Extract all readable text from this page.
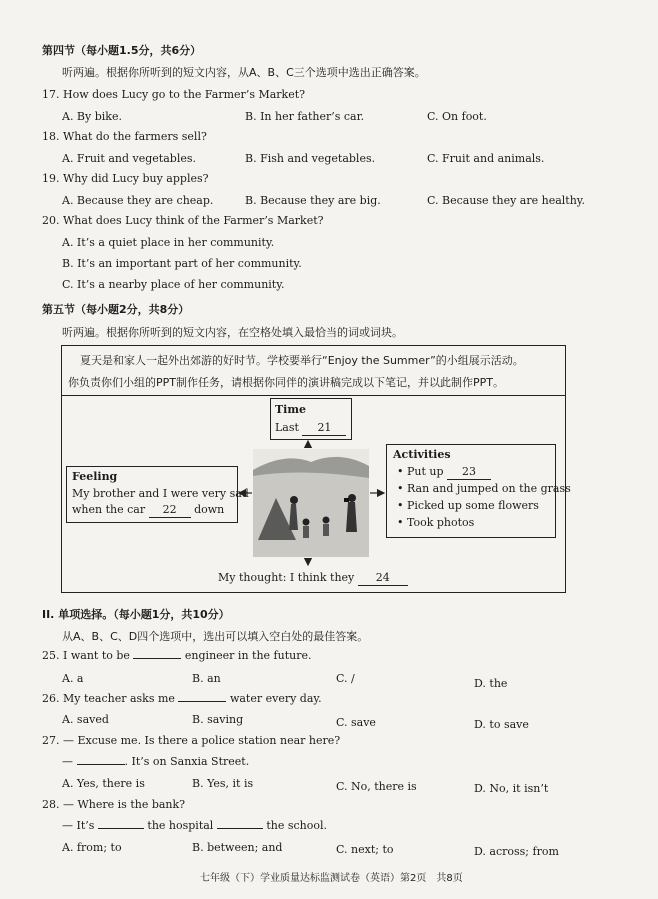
第四节（每小题1.5分，共6分）
听两遍。根据你所听到的短文内容，从A、B、C三个选项中选出正确答案。
17. How does Lucy go to the Farmer’s Market?
A. By bike.	B. In her father’s car.	C. On foot.
18. What do the farmers sell?
A. Fruit and vegetables.	B. Fish and vegetables.	C. Fruit and animals.
19. Why did Lucy buy apples?
A. Because they are cheap.	B. Because they are big.	C. Because they are healthy.
20. What does Lucy think of the Farmer’s Market?
A. It’s a quiet place in her community.
B. It’s an important part of her community.
C. It’s a nearby place of her community.
第五节（每小题2分，共8分）
听两遍。根据你所听到的短文内容，在空格处填入最恰当的词或词块。
夏天是和家人一起外出郊游的好时节。学校要举行“Enjoy the Summer”的小组展示活动。
你负责你们小组的PPT制作任务，请根据你同伴的演讲稿完成以下笔记，并以此制作PPT。
Time
Last 21
Feeling
My brother and I were very sad
when the car 22 down
Activities
• Put up 23
• Ran and jumped on the grass
• Picked up some flowers
• Took photos
My thought: I think they 24
II. 单项选择。（每小题1分，共10分）
从A、B、C、D四个选项中，选出可以填入空白处的最佳答案。
25. I want to be	engineer in the future.
A. a	B. an	C. /	D. the
26. My teacher asks me	water every day.
A. saved	B. saving	C. save	D. to save
27. — Excuse me. Is there a police station near here?
—	. It’s on Sanxia Street.
A. Yes, there is	B. Yes, it is	C. No, there is	D. No, it isn’t
28. — Where is the bank?
— It’s	the hospital	the school.
A. from; to	B. between; and	C. next; to	D. across; from
七年级（下）学业质量达标监测试卷（英语）第2页　共8页
